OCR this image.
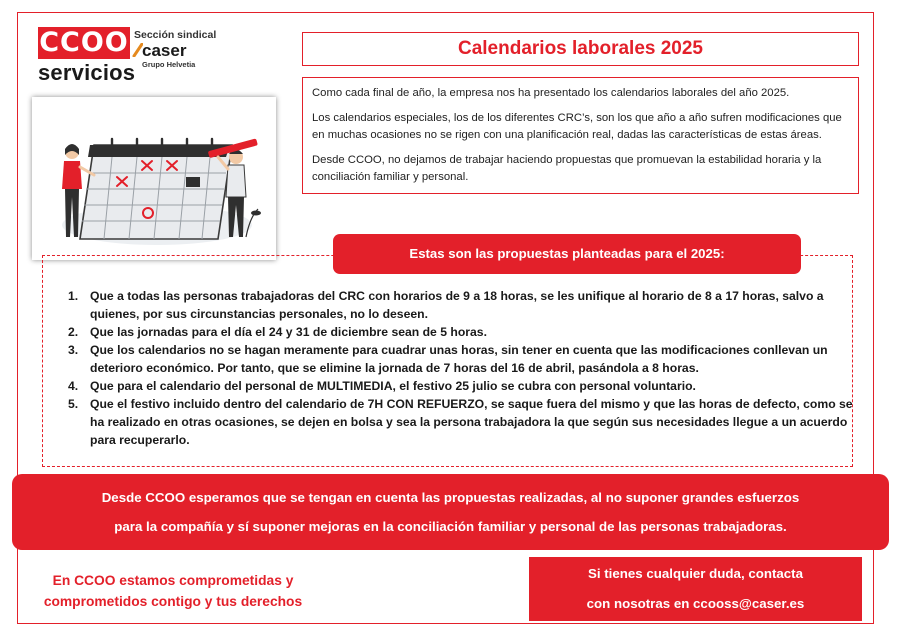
CCOO
servicios
Sección sindical
caser
Grupo Helvetia
Calendarios laborales 2025

Como cada final de año, la empresa nos ha presentado los calendarios laborales del año 2025.

Los calendarios especiales, los de los diferentes CRC’s, son los que año a año sufren modificaciones que en muchas ocasiones no se rigen con una planificación real, dadas las características de estas áreas.

Desde CCOO, no dejamos de trabajar haciendo propuestas que promuevan la estabilidad horaria y la conciliación familiar y personal.

Estas son las propuestas planteadas para el 2025:
1. Que a todas las personas trabajadoras del CRC con horarios de 9 a 18 horas, se les unifique al horario de 8 a 17 horas, salvo a quienes, por sus circunstancias personales, no lo deseen.
2. Que las jornadas para el día el 24 y 31 de diciembre sean de 5 horas.
3. Que los calendarios no se hagan meramente para cuadrar unas horas, sin tener en cuenta que las modificaciones conllevan un deterioro económico. Por tanto, que se elimine la jornada de 7 horas del 16 de abril, pasándola a 8 horas.
4. Que para el calendario del personal de MULTIMEDIA, el festivo 25 julio se cubra con personal voluntario.
5. Que el festivo incluido dentro del calendario de 7H CON REFUERZO, se saque fuera del mismo y que las horas de defecto, como se ha realizado en otras ocasiones, se dejen en bolsa y sea la persona trabajadora la que según sus necesidades llegue a un acuerdo para recuperarlo.
Desde CCOO esperamos que se tengan en cuenta las propuestas realizadas, al no suponer grandes esfuerzos
para la compañía y sí suponer mejoras en la conciliación familiar y personal de las personas trabajadoras.
En CCOO estamos comprometidas y
comprometidos contigo y tus derechos
Si tienes cualquier duda, contacta
con nosotras en ccooss@caser.es
